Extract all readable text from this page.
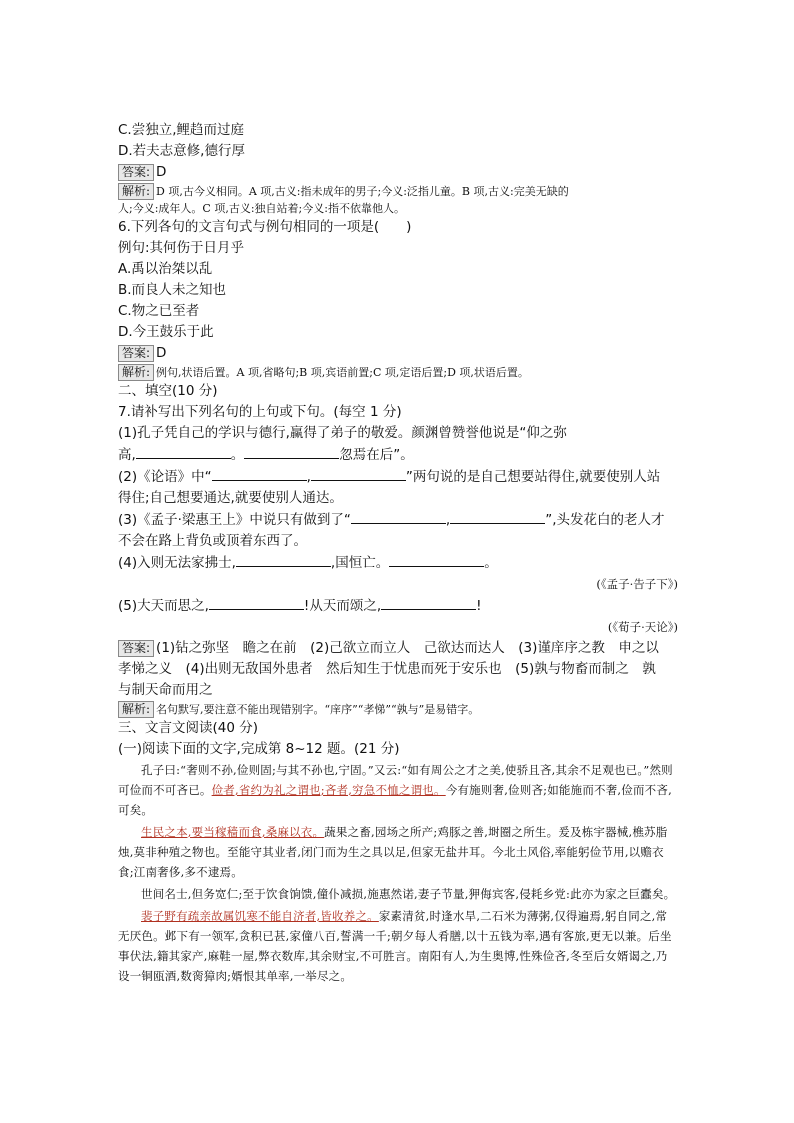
C.尝独立,鲤趋而过庭
D.若夫志意修,德行厚
答案: D
解析: D 项,古今义相同。A 项,古义:指未成年的男子;今义:泛指儿童。B 项,古义:完美无缺的
人;今义:成年人。C 项,古义:独自站着;今义:指不依靠他人。
6.下列各句的文言句式与例句相同的一项是(　　)
例句:其何伤于日月乎
A.禹以治桀以乱
B.而良人未之知也
C.物之已至者
D.今王鼓乐于此
答案: D
解析: 例句,状语后置。A 项,省略句;B 项,宾语前置;C 项,定语后置;D 项,状语后置。
二、填空(10 分)
7.请补写出下列名句的上句或下句。(每空 1 分)
(1)孔子凭自己的学识与德行,赢得了弟子的敬爱。颜渊曾赞誉他说是“仰之弥
高,	。	忽焉在后”。
(2)《论语》中“	,	”两句说的是自己想要站得住,就要使别人站
得住;自己想要通达,就要使别人通达。
(3)《孟子·梁惠王上》中说只有做到了“	,	”,头发花白的老人才
不会在路上背负或顶着东西了。
(4)入则无法家拂士,	,国恒亡。	。
(《孟子·告子下》)
(5)大天而思之,	!从天而颂之,	!
(《荀子·天论》)
答案: (1)钻之弥坚　瞻之在前　(2)己欲立而立人　己欲达而达人　(3)谨庠序之教　申之以
孝悌之义　(4)出则无敌国外患者　然后知生于忧患而死于安乐也　(5)孰与物畜而制之　孰
与制天命而用之
解析: 名句默写,要注意不能出现错别字。“庠序”“孝悌”“孰与”是易错字。
三、文言文阅读(40 分)
(一)阅读下面的文字,完成第 8~12 题。(21 分)
孔子曰:“奢则不孙,俭则固;与其不孙也,宁固。”又云:“如有周公之才之美,使骄且吝,其余不足观也已。”然则可俭而不可吝已。俭者,省约为礼之谓也;吝者,穷急不恤之谓也。今有施则奢,俭则吝;如能施而不奢,俭而不吝,可矣。
生民之本,要当稼穑而食,桑麻以衣。蔬果之畜,园场之所产;鸡豚之善,埘圈之所生。爰及栋宇器械,樵苏脂烛,莫非种殖之物也。至能守其业者,闭门而为生之具以足,但家无盐井耳。今北土风俗,率能躬俭节用,以赡衣食;江南奢侈,多不逮焉。
世间名士,但务宽仁;至于饮食饷馈,僮仆减损,施惠然诺,妻子节量,狎侮宾客,侵耗乡党:此亦为家之巨蠹矣。
裴子野有疏亲故属饥寒不能自济者,皆收养之。家素清贫,时逢水旱,二石米为薄粥,仅得遍焉,躬自同之,常无厌色。邺下有一领军,贪积已甚,家僮八百,誓满一千;朝夕每人肴膳,以十五钱为率,遇有客旅,更无以兼。后坐事伏法,籍其家产,麻鞋一屋,弊衣数库,其余财宝,不可胜言。南阳有人,为生奥博,性殊俭吝,冬至后女婿谒之,乃设一铜瓯酒,数脔獐肉;婿恨其单率,一举尽之。
